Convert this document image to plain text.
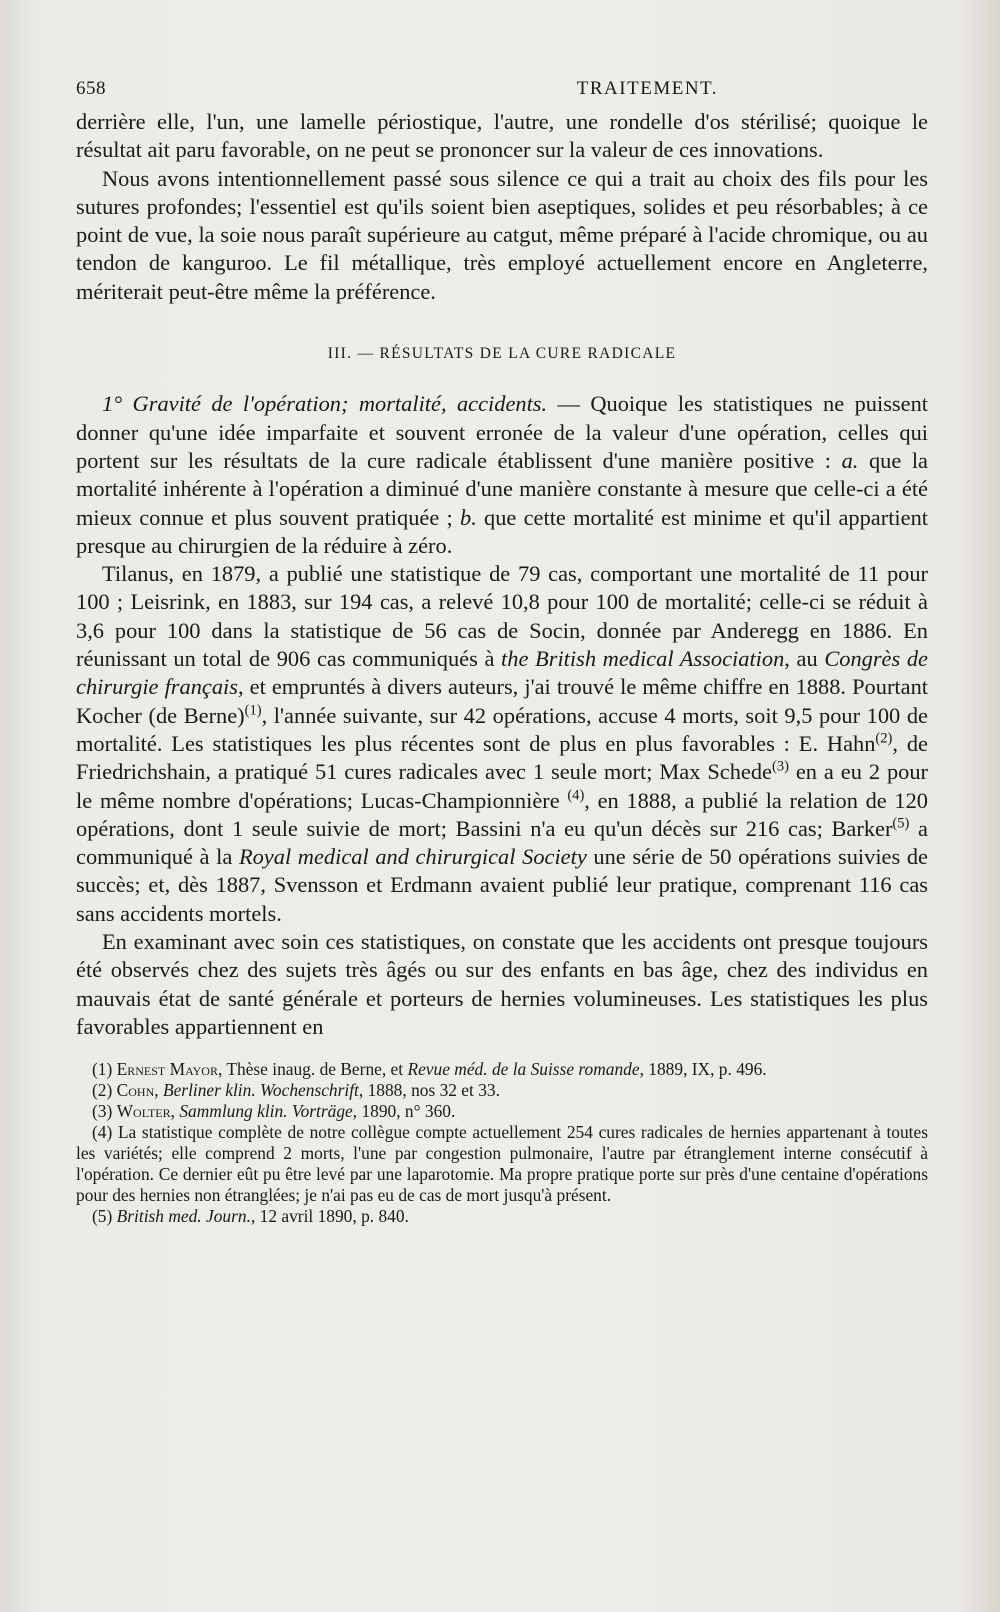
658	TRAITEMENT.

derrière elle, l'un, une lamelle périostique, l'autre, une rondelle d'os stérilisé; quoique le résultat ait paru favorable, on ne peut se prononcer sur la valeur de ces innovations.

Nous avons intentionnellement passé sous silence ce qui a trait au choix des fils pour les sutures profondes; l'essentiel est qu'ils soient bien aseptiques, solides et peu résorbables; à ce point de vue, la soie nous paraît supérieure au catgut, même préparé à l'acide chromique, ou au tendon de kanguroo. Le fil métallique, très employé actuellement encore en Angleterre, mériterait peut-être même la préférence.

III. — RÉSULTATS DE LA CURE RADICALE

1° Gravité de l'opération; mortalité, accidents. — Quoique les statistiques ne puissent donner qu'une idée imparfaite et souvent erronée de la valeur d'une opération, celles qui portent sur les résultats de la cure radicale établissent d'une manière positive : a. que la mortalité inhérente à l'opération a diminué d'une manière constante à mesure que celle-ci a été mieux connue et plus souvent pratiquée ; b. que cette mortalité est minime et qu'il appartient presque au chirurgien de la réduire à zéro.

Tilanus, en 1879, a publié une statistique de 79 cas, comportant une mortalité de 11 pour 100 ; Leisrink, en 1883, sur 194 cas, a relevé 10,8 pour 100 de mortalité; celle-ci se réduit à 3,6 pour 100 dans la statistique de 56 cas de Socin, donnée par Anderegg en 1886. En réunissant un total de 906 cas communiqués à the British medical Association, au Congrès de chirurgie français, et empruntés à divers auteurs, j'ai trouvé le même chiffre en 1888. Pourtant Kocher (de Berne)$^{(1)}$, l'année suivante, sur 42 opérations, accuse 4 morts, soit 9,5 pour 100 de mortalité. Les statistiques les plus récentes sont de plus en plus favorables : E. Hahn$^{(2)}$, de Friedrichshain, a pratiqué 51 cures radicales avec 1 seule mort; Max Schede$^{(3)}$ en a eu 2 pour le même nombre d'opérations; Lucas-Championnière $^{(4)}$, en 1888, a publié la relation de 120 opérations, dont 1 seule suivie de mort; Bassini n'a eu qu'un décès sur 216 cas; Barker$^{(5)}$ a communiqué à la Royal medical and chirurgical Society une série de 50 opérations suivies de succès; et, dès 1887, Svensson et Erdmann avaient publié leur pratique, comprenant 116 cas sans accidents mortels.

En examinant avec soin ces statistiques, on constate que les accidents ont presque toujours été observés chez des sujets très âgés ou sur des enfants en bas âge, chez des individus en mauvais état de santé générale et porteurs de hernies volumineuses. Les statistiques les plus favorables appartiennent en

(1) Ernest Mayor, Thèse inaug. de Berne, et Revue méd. de la Suisse romande, 1889, IX, p. 496.

(2) Cohn, Berliner klin. Wochenschrift, 1888, nos 32 et 33.

(3) Wolter, Sammlung klin. Vorträge, 1890, n° 360.

(4) La statistique complète de notre collègue compte actuellement 254 cures radicales de hernies appartenant à toutes les variétés; elle comprend 2 morts, l'une par congestion pulmonaire, l'autre par étranglement interne consécutif à l'opération. Ce dernier eût pu être levé par une laparotomie. Ma propre pratique porte sur près d'une centaine d'opérations pour des hernies non étranglées; je n'ai pas eu de cas de mort jusqu'à présent.

(5) British med. Journ., 12 avril 1890, p. 840.
